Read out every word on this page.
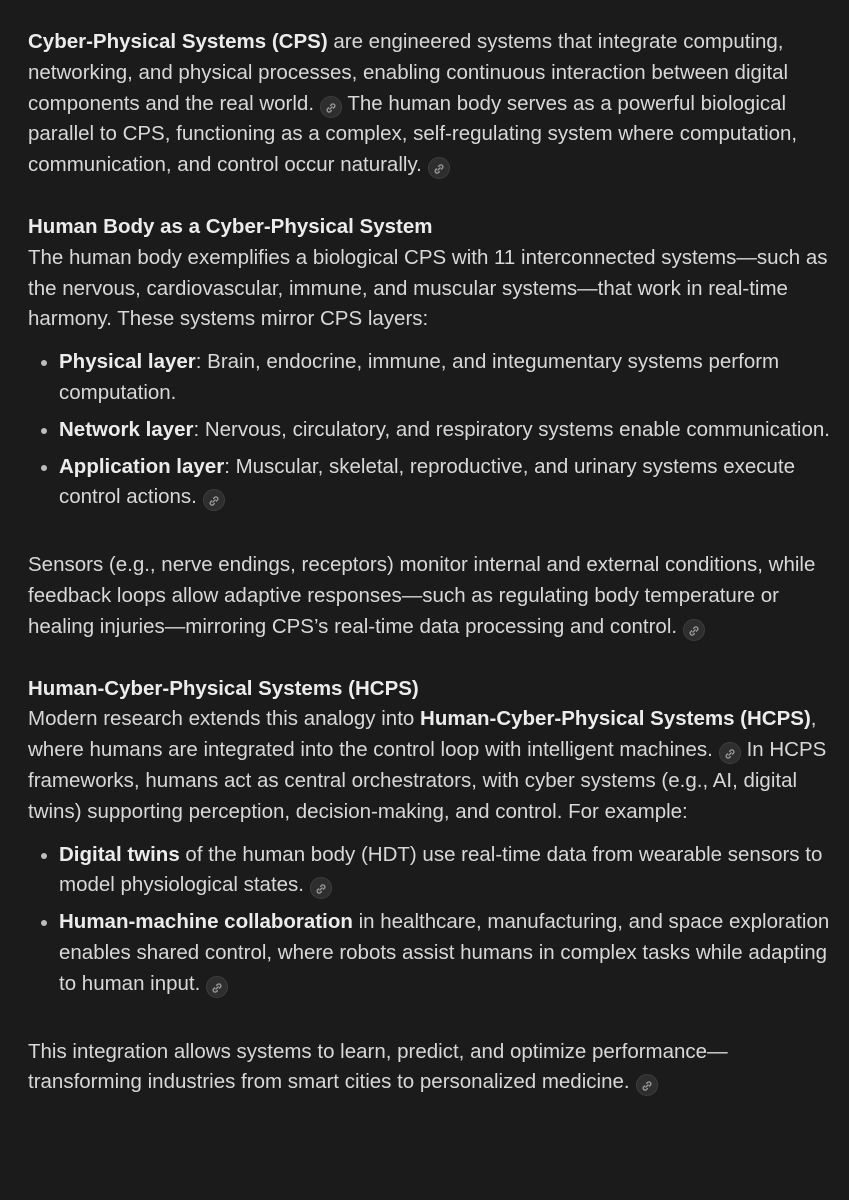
Cyber-Physical Systems (CPS) are engineered systems that integrate computing, networking, and physical processes, enabling continuous interaction between digital components and the real world. The human body serves as a powerful biological parallel to CPS, functioning as a complex, self-regulating system where computation, communication, and control occur naturally.

Human Body as a Cyber-Physical System

The human body exemplifies a biological CPS with 11 interconnected systems—such as the nervous, cardiovascular, immune, and muscular systems—that work in real-time harmony. These systems mirror CPS layers:

Physical layer: Brain, endocrine, immune, and integumentary systems perform computation.
Network layer: Nervous, circulatory, and respiratory systems enable communication.
Application layer: Muscular, skeletal, reproductive, and urinary systems execute control actions.

Sensors (e.g., nerve endings, receptors) monitor internal and external conditions, while feedback loops allow adaptive responses—such as regulating body temperature or healing injuries—mirroring CPS’s real-time data processing and control.

Human-Cyber-Physical Systems (HCPS)

Modern research extends this analogy into Human-Cyber-Physical Systems (HCPS), where humans are integrated into the control loop with intelligent machines. In HCPS frameworks, humans act as central orchestrators, with cyber systems (e.g., AI, digital twins) supporting perception, decision-making, and control. For example:

Digital twins of the human body (HDT) use real-time data from wearable sensors to model physiological states.
Human-machine collaboration in healthcare, manufacturing, and space exploration enables shared control, where robots assist humans in complex tasks while adapting to human input.

This integration allows systems to learn, predict, and optimize performance—transforming industries from smart cities to personalized medicine.
